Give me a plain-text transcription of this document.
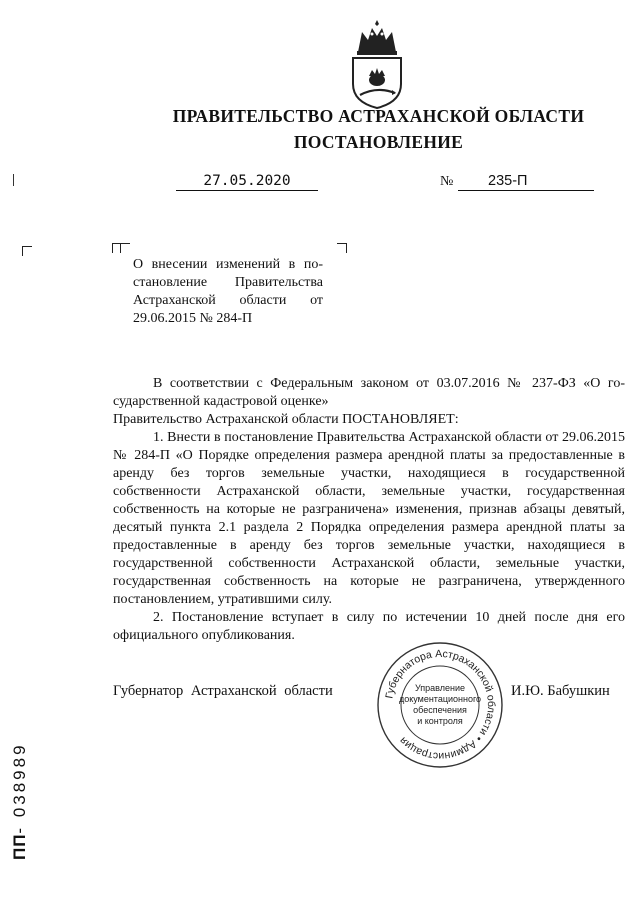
ПРАВИТЕЛЬСТВО АСТРАХАНСКОЙ ОБЛАСТИ
ПОСТАНОВЛЕНИЕ
27.05.2020	№	235-П

О внесении изменений в по-

становление Правительства

Астраханской области от

29.06.2015 № 284-П

В соответствии с Федеральным законом от 03.07.2016 № 237-ФЗ «О го-

сударственной кадастровой оценке»

Правительство Астраханской области ПОСТАНОВЛЯЕТ:

1. Внести в постановление Правительства Астраханской области от 29.06.2015 № 284-П «О Порядке определения размера арендной платы за предоставленные в аренду без торгов земельные участки, находящиеся в государственной собственности Астраханской области, земельные участки, государственная собственность на которые не разграничена» изменения, признав абзацы девятый, десятый пункта 2.1 раздела 2 Порядка определения размера арендной платы за предоставленные в аренду без торгов земельные участки, находящиеся в государственной собственности Астраханской области, земельные участки, государственная собственность на которые не разграничена, утвержденного постановлением, утратившими силу.

2. Постановление вступает в силу по истечении 10 дней после дня его официального опубликования.

Губернатор Астраханской области	Губернатора Астраханской области • Администрация
Управление
документационного
обеспечения
и контроля
И.Ю. Бабушкин
ПП- 038989
